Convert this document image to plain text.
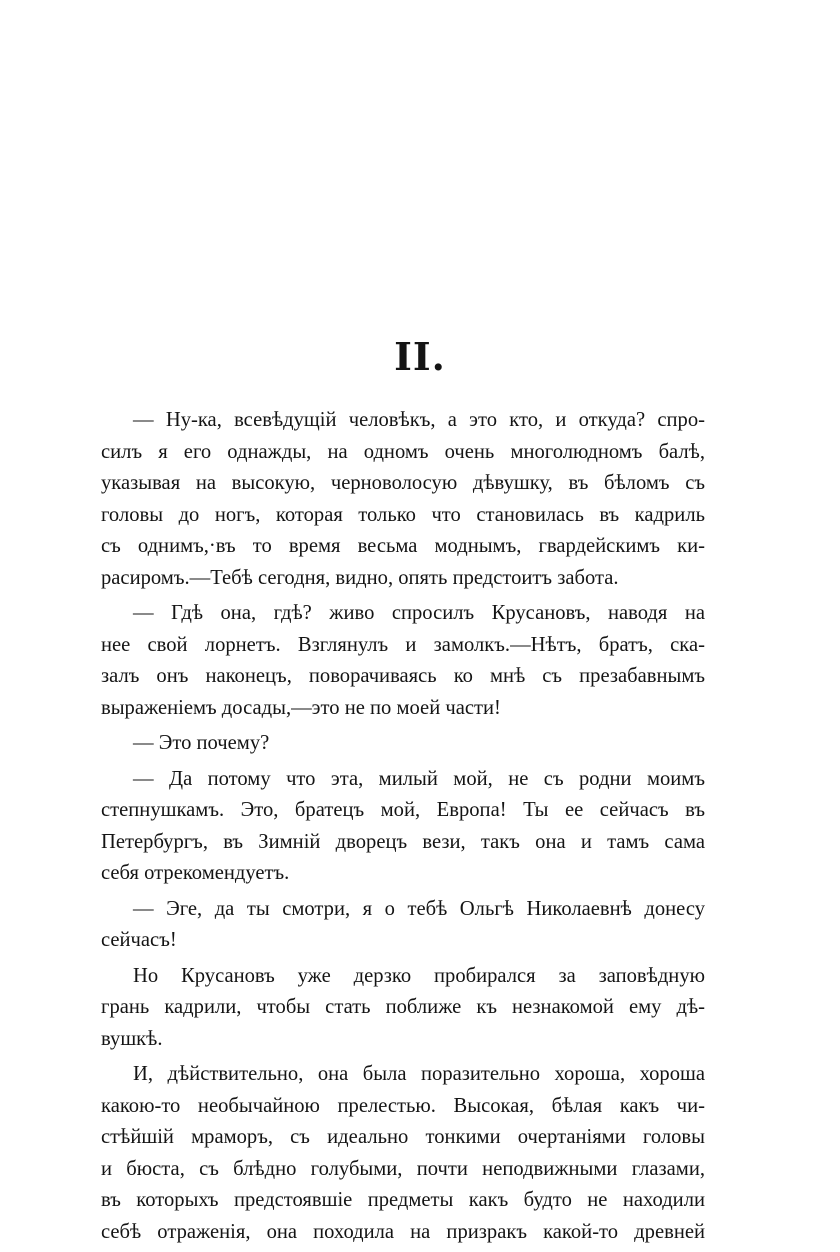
II.

— Ну-ка, всевѣдущій человѣкъ, а это кто, и откуда? спро-
силъ я его однажды, на одномъ очень многолюдномъ балѣ,
указывая на высокую, черноволосую дѣвушку, въ бѣломъ съ
головы до ногъ, которая только что становилась въ кадриль
съ однимъ,·въ то время весьма моднымъ, гвардейскимъ ки-
расиромъ.—Тебѣ сегодня, видно, опять предстоитъ забота.

— Гдѣ она, гдѣ? живо спросилъ Крусановъ, наводя на
нее свой лорнетъ. Взглянулъ и замолкъ.—Нѣтъ, братъ, ска-
залъ онъ наконецъ, поворачиваясь ко мнѣ съ презабавнымъ
выраженіемъ досады,—это не по моей части!

— Это почему?

— Да потому что эта, милый мой, не съ родни моимъ
степнушкамъ. Это, братецъ мой, Европа! Ты ее сейчасъ въ
Петербургъ, въ Зимній дворецъ вези, такъ она и тамъ сама
себя отрекомендуетъ.

— Эге, да ты смотри, я о тебѣ Ольгѣ Николаевнѣ донесу
сейчасъ!

Но Крусановъ уже дерзко пробирался за заповѣдную
грань кадрили, чтобы стать поближе къ незнакомой ему дѣ-
вушкѣ.

И, дѣйствительно, она была поразительно хороша, хороша
какою-то необычайною прелестью. Высокая, бѣлая какъ чи-
стѣйшій мраморъ, съ идеально тонкими очертаніями головы
и бюста, съ блѣдно голубыми, почти неподвижными глазами,
въ которыхъ предстоявшіе предметы какъ будто не находили
себѣ отраженія, она походила на призракъ какой-то древней
